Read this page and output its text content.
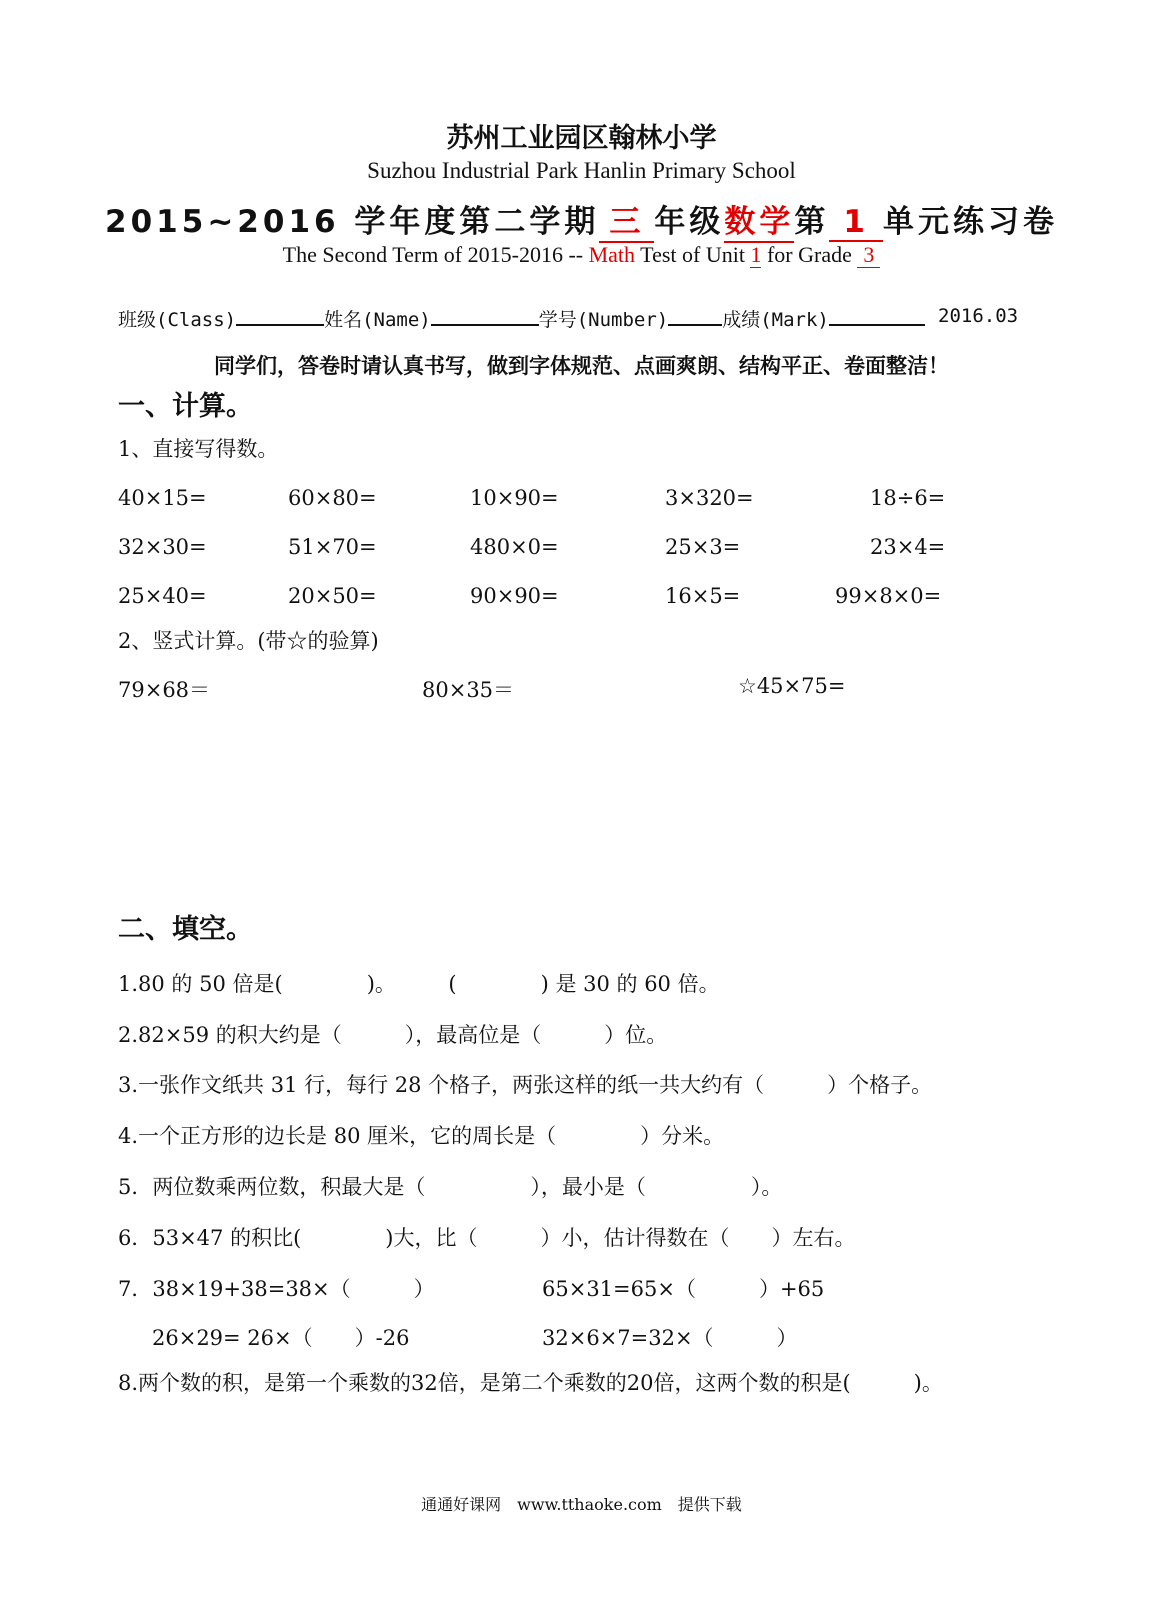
苏州工业园区翰林小学
Suzhou Industrial Park Hanlin Primary School
2015~2016 学年度第二学期 三 年级数学第 1 单元练习卷
The Second Term of 2015-2016 -- Math Test of Unit 1 for Grade 3
班级(Class)	姓名(Name)	学号(Number)	成绩(Mark)	2016.03
同学们，答卷时请认真书写，做到字体规范、点画爽朗、结构平正、卷面整洁！
一、计算。
1、直接写得数。
40×15=	60×80=	10×90=	3×320=	18÷6=
32×30=	51×70=	480×0=	25×3=	23×4=
25×40=	20×50=	90×90=	16×5=	99×8×0=
2、竖式计算。(带☆的验算)
79×68＝	80×35＝	☆45×75=
二、填空。
1.80 的 50 倍是(　　　　)。　　　(　　　　) 是 30 的 60 倍。
2.82×59 的积大约是（　　　），最高位是（　　　）位。
3.一张作文纸共 31 行，每行 28 个格子，两张这样的纸一共大约有（　　　）个格子。
4.一个正方形的边长是 80 厘米，它的周长是（　　　　）分米。
5．两位数乘两位数，积最大是（　　　　　），最小是（　　　　　）。
6．53×47 的积比(　　　　)大，比（　　　）小，估计得数在（　　）左右。
7．38×19+38=38×（　　　）	65×31=65×（　　　）+65
26×29= 26×（　　）-26	32×6×7=32×（　　　）
8.两个数的积，是第一个乘数的32倍，是第二个乘数的20倍，这两个数的积是(　　　)。
通通好课网　www.tthaoke.com　提供下载
